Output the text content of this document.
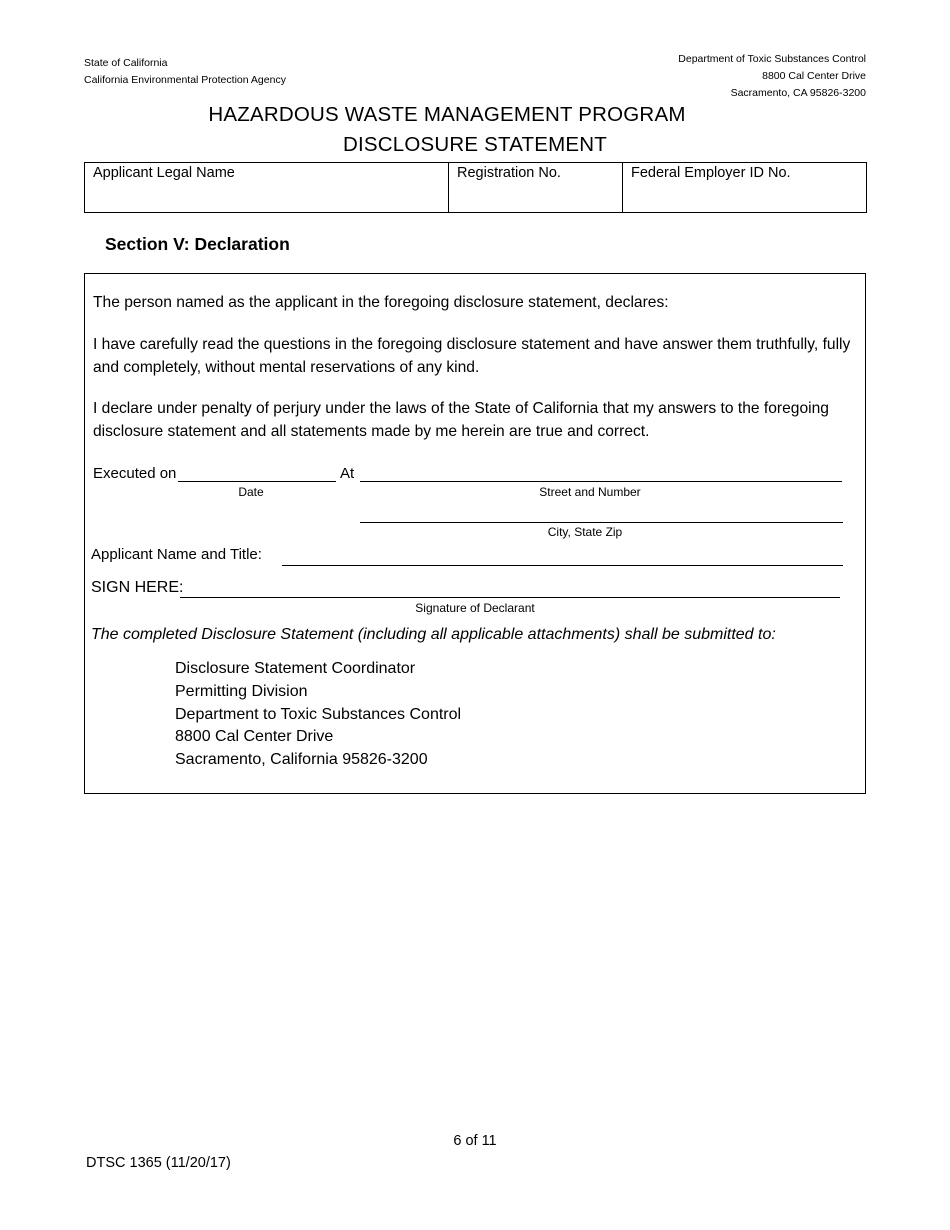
State of California
California Environmental Protection Agency
Department of Toxic Substances Control
8800 Cal Center Drive
Sacramento, CA 95826-3200
HAZARDOUS WASTE MANAGEMENT PROGRAM
DISCLOSURE STATEMENT
Applicant Legal Name	Registration No.	Federal Employer ID No.
Section V: Declaration
The person named as the applicant in the foregoing disclosure statement, declares:
I have carefully read the questions in the foregoing disclosure statement and have answer them truthfully, fully and completely, without mental reservations of any kind.
I declare under penalty of perjury under the laws of the State of California that my answers to the foregoing disclosure statement and all statements made by me herein are true and correct.
Executed on	At
Date	Street and Number
City, State Zip
Applicant Name and Title:
SIGN HERE:
Signature of Declarant
The completed Disclosure Statement (including all applicable attachments) shall be submitted to:
Disclosure Statement Coordinator
Permitting Division
Department to Toxic Substances Control
8800 Cal Center Drive
Sacramento, California 95826-3200
6 of 11
DTSC 1365 (11/20/17)
